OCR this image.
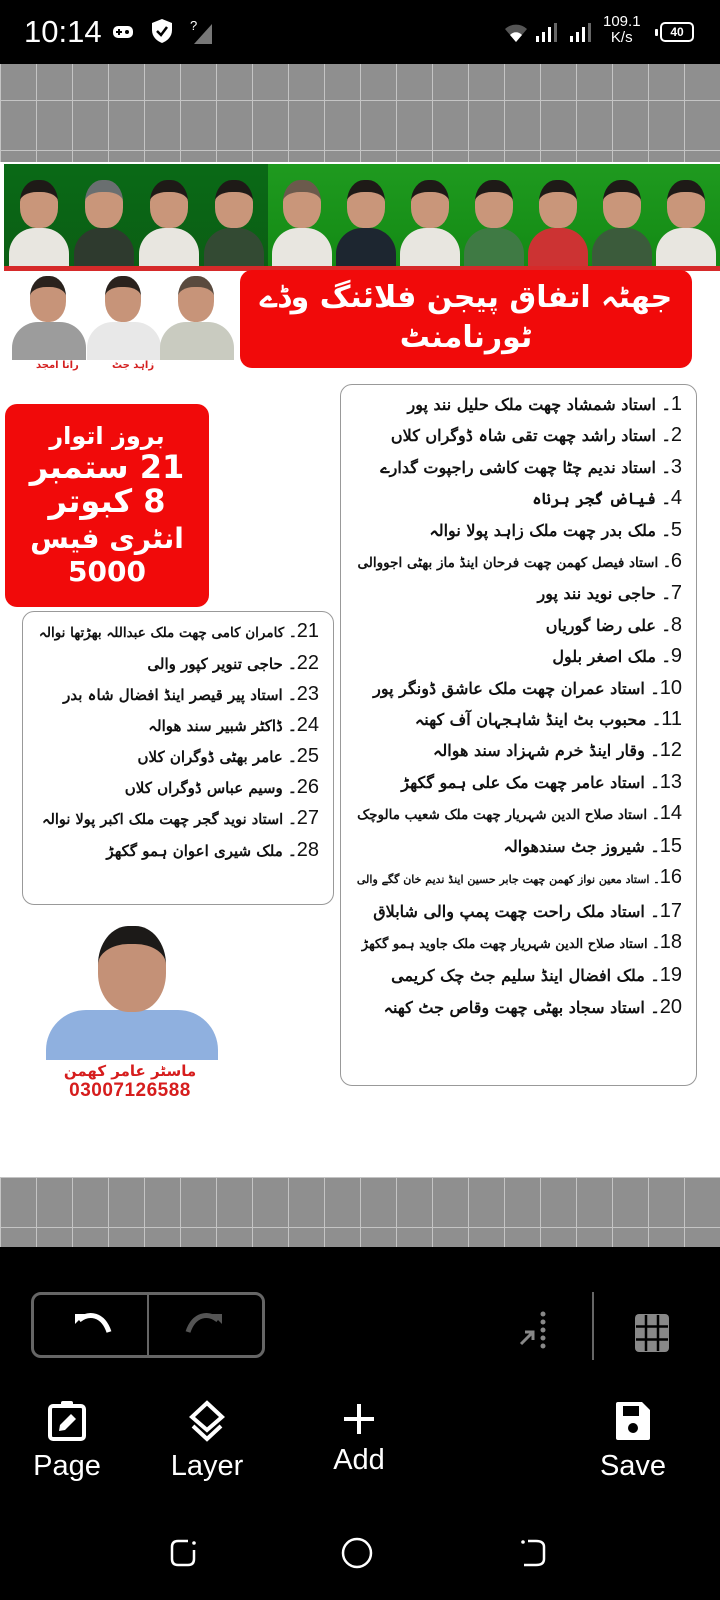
10:14	?	109.1
K/s	40
رانا امجد	زاہد جٹ
جھٹہ اتفاق پیجن فلائنگ وڈے ٹورنامنٹ
بروز اتوار
21 ستمبر
8 کبوتر
انٹری فیس 5000
1۔ استاد شمشاد چھت ملک حلیل نند پور
2۔ استاد راشد چھت تقی شاہ ڈوگراں کلاں
3۔ استاد ندیم چٹا چھت کاشی راجپوت گدارے
4۔ فیاض گجر ہرناہ
5۔ ملک بدر چھت ملک زاہد پولا نوالہ
6۔ استاد فیصل کھمن چھت فرحان اینڈ ماز بھٹی اجووالی
7۔ حاجی نوید نند پور
8۔ علی رضا گوریاں
9۔ ملک اصغر بلول
10۔ استاد عمران چھت ملک عاشق ڈونگر پور
11۔ محبوب بٹ اینڈ شاہجہان آف کھنہ
12۔ وقار اینڈ خرم شہزاد سند ھوالہ
13۔ استاد عامر چھت مک علی ہمو گکھڑ
14۔ استاد صلاح الدین شہریار چھت ملک شعیب مالوچک
15۔ شیروز جٹ سندھوالہ
16۔ استاد معین نواز کھمن چھت جابر حسین اینڈ ندیم خان گگے والی
17۔ استاد ملک راحت چھت پمپ والی شابلاق
18۔ استاد صلاح الدین شہریار چھت ملک جاوید ہمو گکھڑ
19۔ ملک افضال اینڈ سلیم جٹ چک کریمی
20۔ استاد سجاد بھٹی چھت وقاص جٹ کھنہ
21۔ کامران کامی چھت ملک عبداللہ بھڑتھا نوالہ
22۔ حاجی تنویر کپور والی
23۔ استاد پیر قیصر اینڈ افضال شاہ بدر
24۔ ڈاکٹر شبیر سند ھوالہ
25۔ عامر بھٹی ڈوگران کلاں
26۔ وسیم عباس ڈوگراں کلاں
27۔ استاد نوید گجر چھت ملک اکبر پولا نوالہ
28۔ ملک شیری اعوان ہمو گکھڑ
ماسٹر عامر کھمن
03007126588
Page	Layer	Add	Save
